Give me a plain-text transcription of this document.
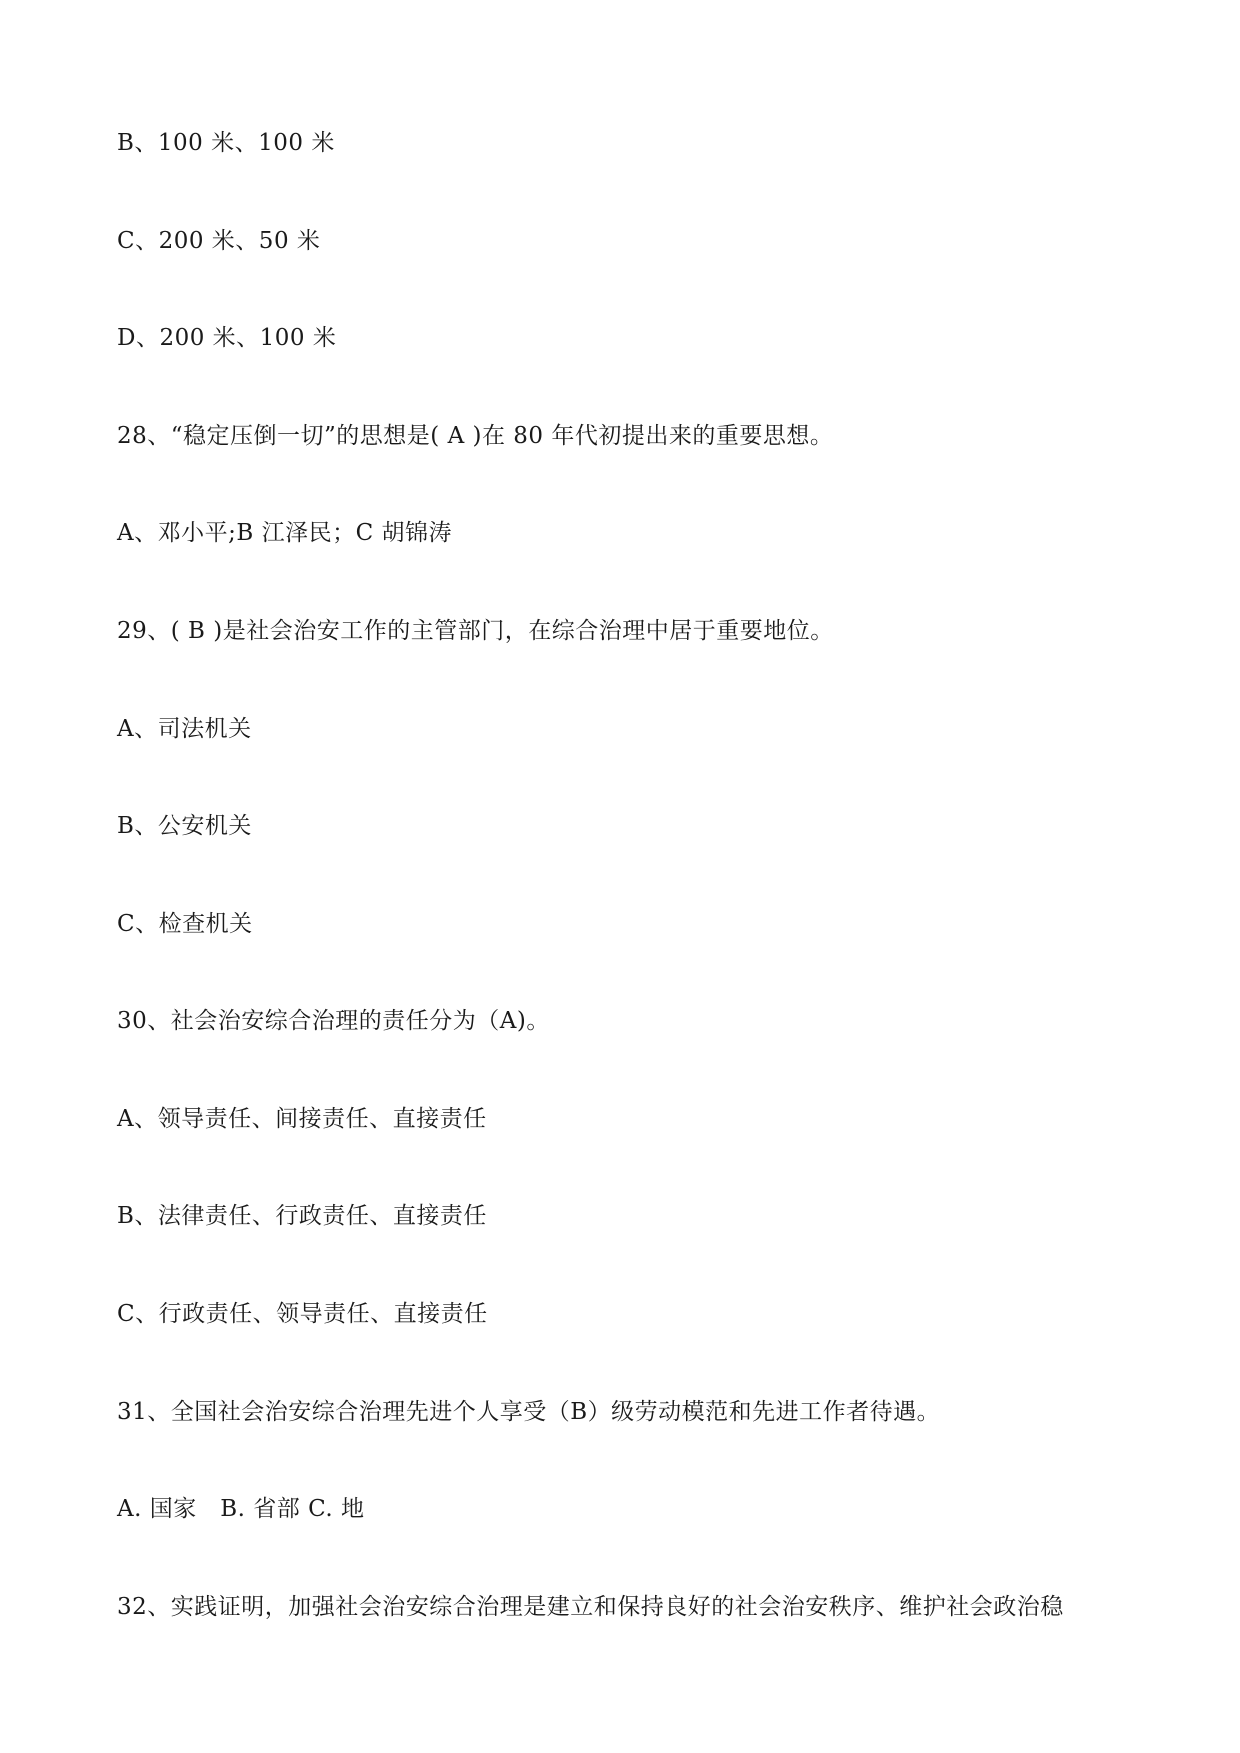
B、100 米、100 米
C、200 米、50 米
D、200 米、100 米
28、“稳定压倒一切”的思想是( A )在 80 年代初提出来的重要思想。
A、邓小平;B 江泽民；C 胡锦涛
29、( B )是社会治安工作的主管部门，在综合治理中居于重要地位。
A、司法机关
B、公安机关
C、检查机关
30、社会治安综合治理的责任分为（A)。
A、领导责任、间接责任、直接责任
B、法律责任、行政责任、直接责任
C、行政责任、领导责任、直接责任
31、全国社会治安综合治理先进个人享受（B）级劳动模范和先进工作者待遇。
A. 国家　B. 省部 C. 地
32、实践证明，加强社会治安综合治理是建立和保持良好的社会治安秩序、维护社会政治稳
